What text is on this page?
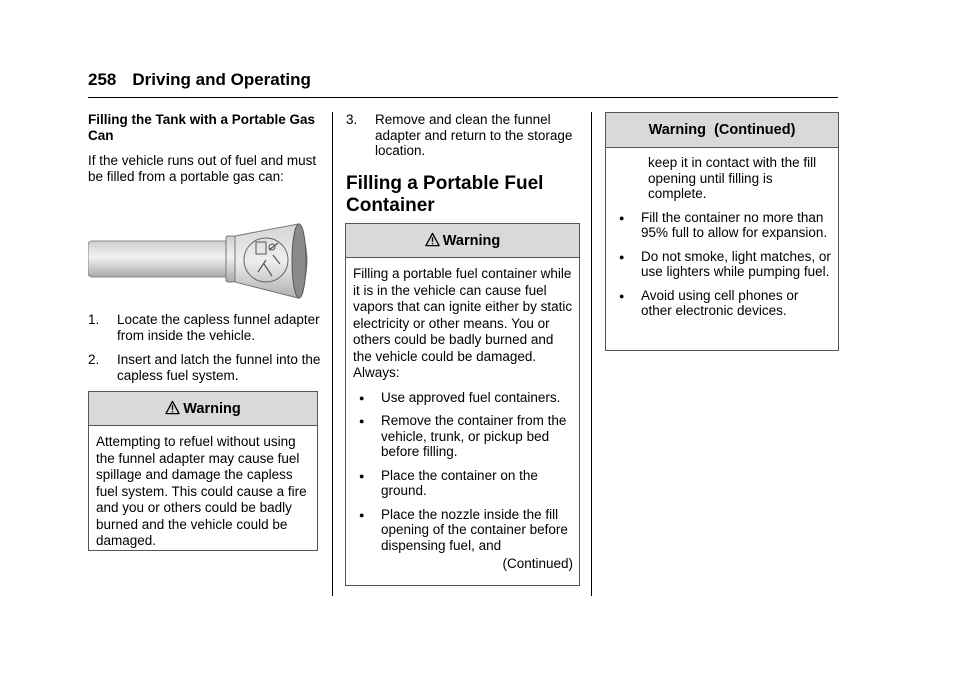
258 Driving and Operating

Filling the Tank with a Portable Gas Can

If the vehicle runs out of fuel and must be filled from a portable gas can:

1. Locate the capless funnel adapter from inside the vehicle.

2. Insert and latch the funnel into the capless fuel system.

Warning

Attempting to refuel without using the funnel adapter may cause fuel spillage and damage the capless fuel system. This could cause a fire and you or others could be badly burned and the vehicle could be damaged.

3. Remove and clean the funnel adapter and return to the storage location.

Filling a Portable Fuel Container

Warning

Filling a portable fuel container while it is in the vehicle can cause fuel vapors that can ignite either by static electricity or other means. You or others could be badly burned and the vehicle could be damaged. Always:

● Use approved fuel containers.

● Remove the container from the vehicle, trunk, or pickup bed before filling.

● Place the container on the ground.

● Place the nozzle inside the fill opening of the container before dispensing fuel, and

(Continued)

Warning  (Continued)

keep it in contact with the fill opening until filling is complete.

● Fill the container no more than 95% full to allow for expansion.

● Do not smoke, light matches, or use lighters while pumping fuel.

● Avoid using cell phones or other electronic devices.
